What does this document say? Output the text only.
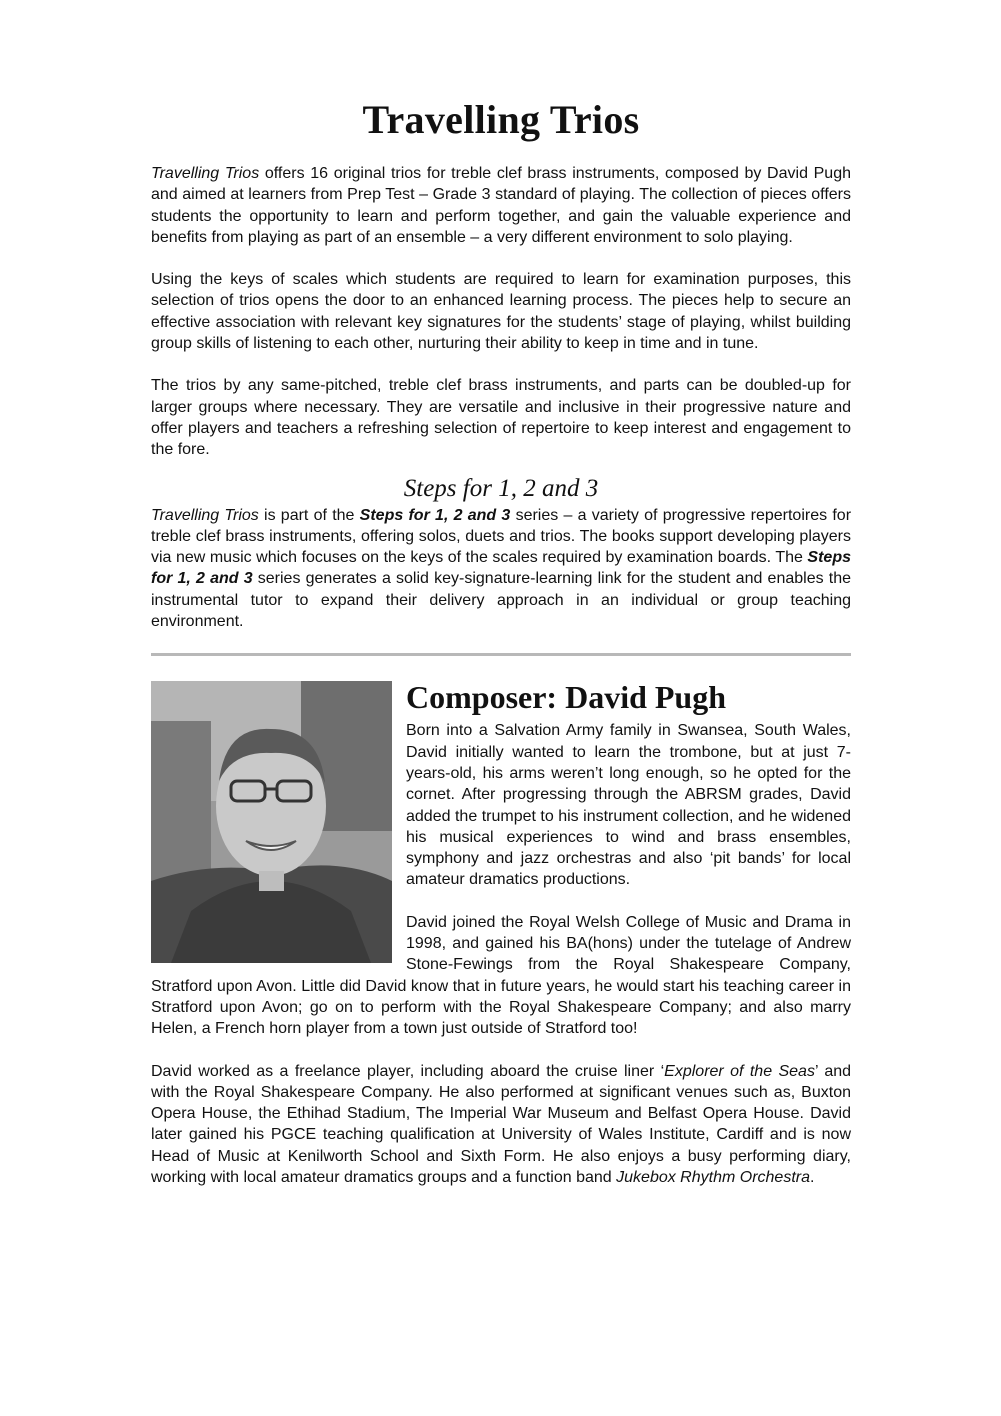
Travelling Trios

Travelling Trios offers 16 original trios for treble clef brass instruments, composed by David Pugh and aimed at learners from Prep Test – Grade 3 standard of playing. The collection of pieces offers students the opportunity to learn and perform together, and gain the valuable experience and benefits from playing as part of an ensemble – a very different environment to solo playing.

Using the keys of scales which students are required to learn for examination purposes, this selection of trios opens the door to an enhanced learning process. The pieces help to secure an effective association with relevant key signatures for the students’ stage of playing, whilst building group skills of listening to each other, nurturing their ability to keep in time and in tune.

The trios by any same-pitched, treble clef brass instruments, and parts can be doubled-up for larger groups where necessary. They are versatile and inclusive in their progressive nature and offer players and teachers a refreshing selection of repertoire to keep interest and engagement to the fore.

Steps for 1, 2 and 3

Travelling Trios is part of the Steps for 1, 2 and 3 series – a variety of progressive repertoires for treble clef brass instruments, offering solos, duets and trios. The books support developing players via new music which focuses on the keys of the scales required by examination boards. The Steps for 1, 2 and 3 series generates a solid key-signature-learning link for the student and enables the instrumental tutor to expand their delivery approach in an individual or group teaching environment.

Composer: David Pugh

Born into a Salvation Army family in Swansea, South Wales, David initially wanted to learn the trombone, but at just 7-years-old, his arms weren’t long enough, so he opted for the cornet. After progressing through the ABRSM grades, David added the trumpet to his instrument collection, and he widened his musical experiences to wind and brass ensembles, symphony and jazz orchestras and also ‘pit bands’ for local amateur dramatics productions.

David joined the Royal Welsh College of Music and Drama in 1998, and gained his BA(hons) under the tutelage of Andrew Stone-Fewings from the Royal Shakespeare Company, Stratford upon Avon. Little did David know that in future years, he would start his teaching career in Stratford upon Avon; go on to perform with the Royal Shakespeare Company; and also marry Helen, a French horn player from a town just outside of Stratford too!

David worked as a freelance player, including aboard the cruise liner ‘Explorer of the Seas’ and with the Royal Shakespeare Company. He also performed at significant venues such as, Buxton Opera House, the Ethihad Stadium, The Imperial War Museum and Belfast Opera House. David later gained his PGCE teaching qualification at University of Wales Institute, Cardiff and is now Head of Music at Kenilworth School and Sixth Form. He also enjoys a busy performing diary, working with local amateur dramatics groups and a function band Jukebox Rhythm Orchestra.
